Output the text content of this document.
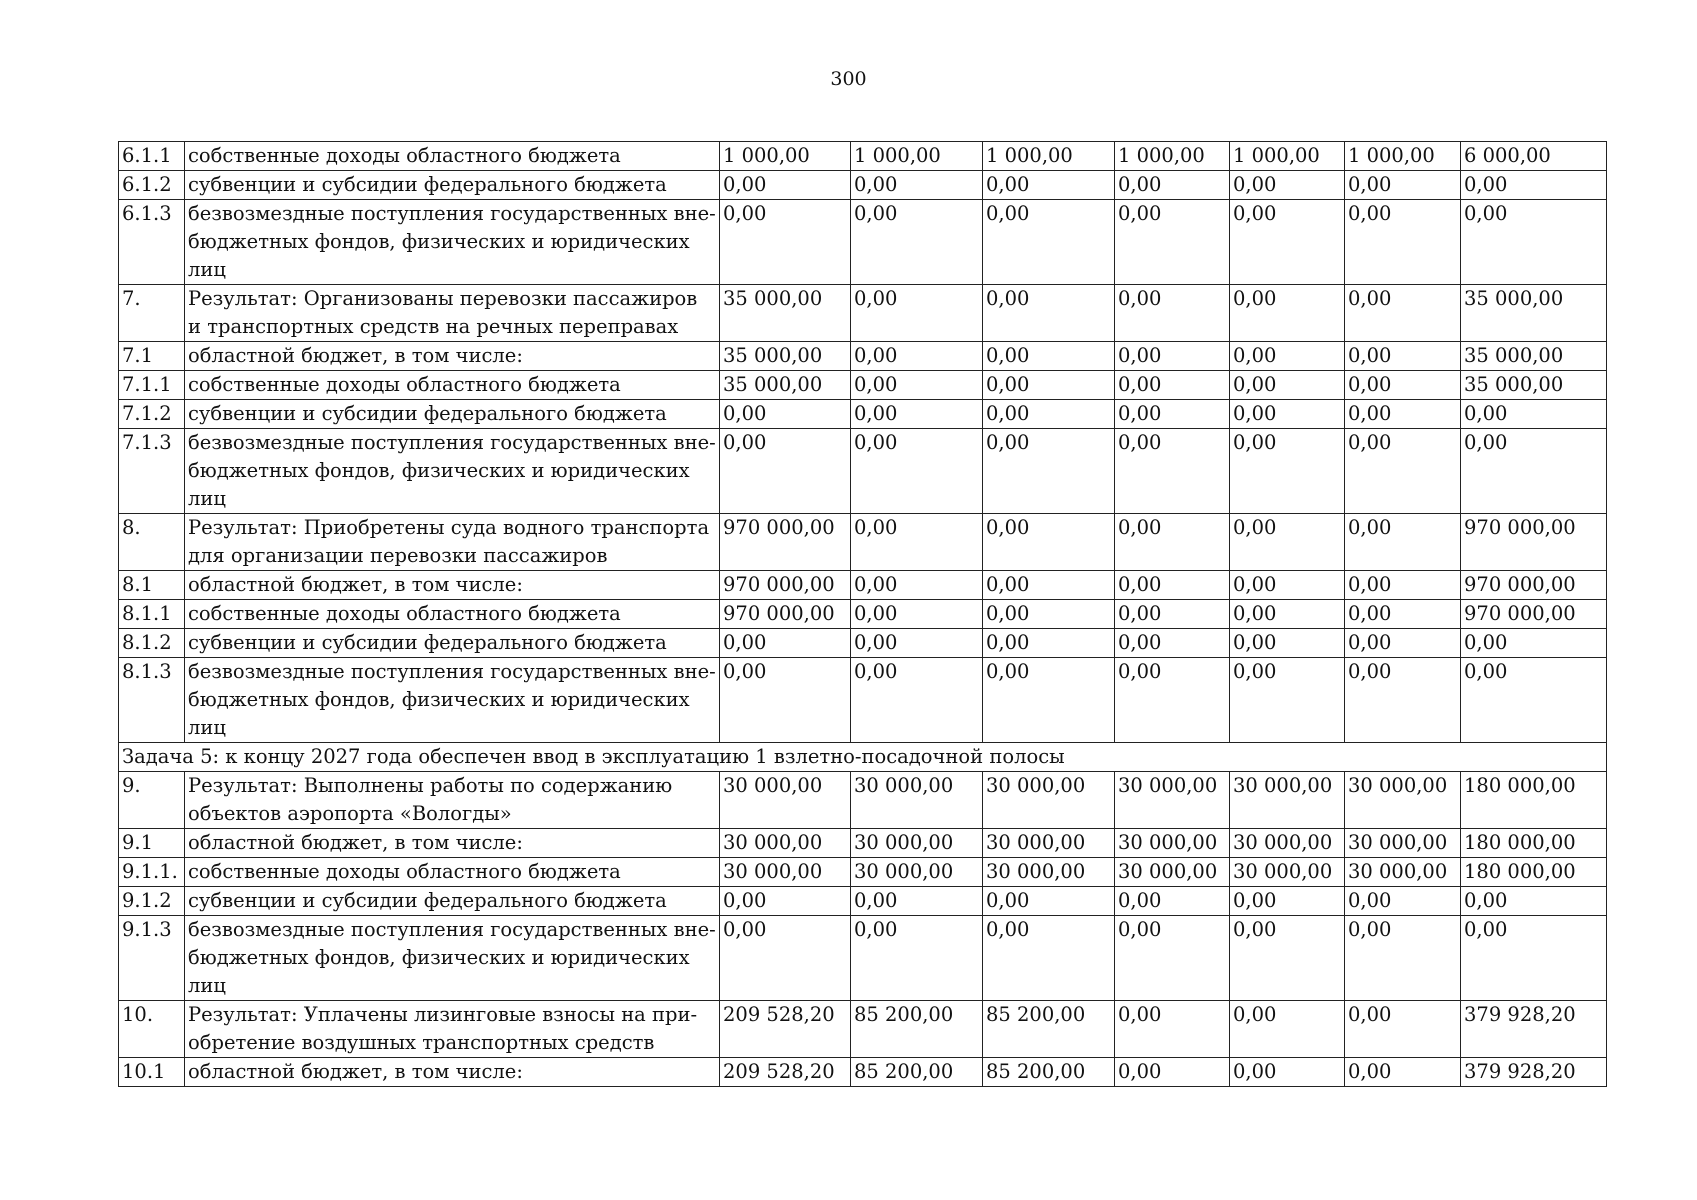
300
6.1.1	собственные доходы областного бюджета	1 000,00	1 000,00	1 000,00	1 000,00	1 000,00	1 000,00	6 000,00
6.1.2	субвенции и субсидии федерального бюджета	0,00	0,00	0,00	0,00	0,00	0,00	0,00
6.1.3	безвозмездные поступления государственных вне-бюджетных фондов, физических и юридических лиц	0,00	0,00	0,00	0,00	0,00	0,00	0,00
7.	Результат: Организованы перевозки пассажиров и транспортных средств на речных переправах	35 000,00	0,00	0,00	0,00	0,00	0,00	35 000,00
7.1	областной бюджет, в том числе:	35 000,00	0,00	0,00	0,00	0,00	0,00	35 000,00
7.1.1	собственные доходы областного бюджета	35 000,00	0,00	0,00	0,00	0,00	0,00	35 000,00
7.1.2	субвенции и субсидии федерального бюджета	0,00	0,00	0,00	0,00	0,00	0,00	0,00
7.1.3	безвозмездные поступления государственных вне-бюджетных фондов, физических и юридических лиц	0,00	0,00	0,00	0,00	0,00	0,00	0,00
8.	Результат: Приобретены суда водного транспорта для организации перевозки пассажиров	970 000,00	0,00	0,00	0,00	0,00	0,00	970 000,00
8.1	областной бюджет, в том числе:	970 000,00	0,00	0,00	0,00	0,00	0,00	970 000,00
8.1.1	собственные доходы областного бюджета	970 000,00	0,00	0,00	0,00	0,00	0,00	970 000,00
8.1.2	субвенции и субсидии федерального бюджета	0,00	0,00	0,00	0,00	0,00	0,00	0,00
8.1.3	безвозмездные поступления государственных вне-бюджетных фондов, физических и юридических лиц	0,00	0,00	0,00	0,00	0,00	0,00	0,00
Задача 5: к концу 2027 года обеспечен ввод в эксплуатацию 1 взлетно-посадочной полосы								
9.	Результат: Выполнены работы по содержанию объектов аэропорта «Вологды»	30 000,00	30 000,00	30 000,00	30 000,00	30 000,00	30 000,00	180 000,00
9.1	областной бюджет, в том числе:	30 000,00	30 000,00	30 000,00	30 000,00	30 000,00	30 000,00	180 000,00
9.1.1.	собственные доходы областного бюджета	30 000,00	30 000,00	30 000,00	30 000,00	30 000,00	30 000,00	180 000,00
9.1.2	субвенции и субсидии федерального бюджета	0,00	0,00	0,00	0,00	0,00	0,00	0,00
9.1.3	безвозмездные поступления государственных вне-бюджетных фондов, физических и юридических лиц	0,00	0,00	0,00	0,00	0,00	0,00	0,00
10.	Результат: Уплачены лизинговые взносы на при-обретение воздушных транспортных средств	209 528,20	85 200,00	85 200,00	0,00	0,00	0,00	379 928,20
10.1	областной бюджет, в том числе:	209 528,20	85 200,00	85 200,00	0,00	0,00	0,00	379 928,20
